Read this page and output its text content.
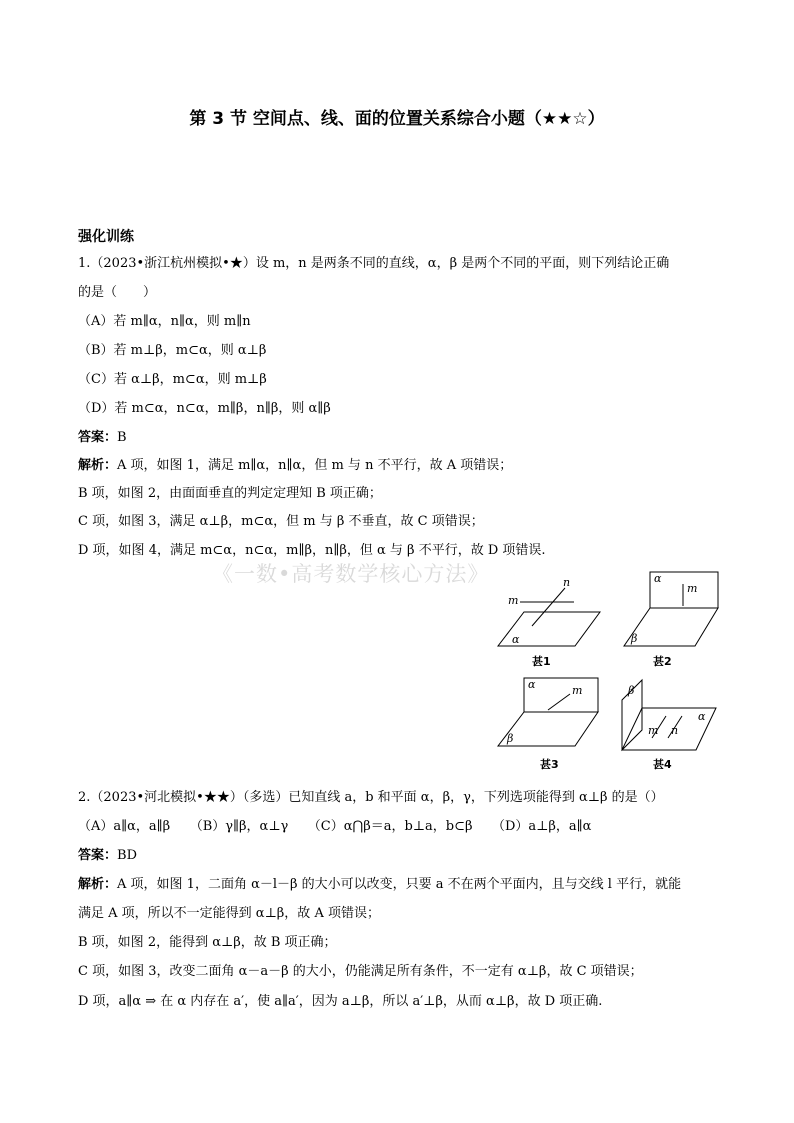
第 3 节 空间点、线、面的位置关系综合小题（★★☆）
强化训练
1.（2023•浙江杭州模拟•★）设 m，n 是两条不同的直线，α，β 是两个不同的平面，则下列结论正确
的是（　　）
（A）若 m∥α，n∥α，则 m∥n
（B）若 m⊥β，m⊂α，则 α⊥β
（C）若 α⊥β，m⊂α，则 m⊥β
（D）若 m⊂α，n⊂α，m∥β，n∥β，则 α∥β
答案：B
解析：A 项，如图 1，满足 m∥α，n∥α，但 m 与 n 不平行，故 A 项错误；
B 项，如图 2，由面面垂直的判定定理知 B 项正确；
C 项，如图 3，满足 α⊥β，m⊂α，但 m 与 β 不垂直，故 C 项错误；
D 项，如图 4，满足 m⊂α，n⊂α，m∥β，n∥β，但 α 与 β 不平行，故 D 项错误.
《一数•高考数学核心方法》
m
n
α
甚1
m
α
β
甚2
m
α
β
甚3
m n
α
β
甚4
2.（2023•河北模拟•★★）（多选）已知直线 a，b 和平面 α，β，γ，下列选项能得到 α⊥β 的是（）
（A）a∥α，a∥β　　（B）γ∥β，α⊥γ　　（C）α⋂β＝a，b⊥a，b⊂β　　（D）a⊥β，a∥α
答案：BD
解析：A 项，如图 1，二面角 α－l－β 的大小可以改变，只要 a 不在两个平面内，且与交线 l 平行，就能
满足 A 项，所以不一定能得到 α⊥β，故 A 项错误；
B 项，如图 2，能得到 α⊥β，故 B 项正确；
C 项，如图 3，改变二面角 α－a－β 的大小，仍能满足所有条件，不一定有 α⊥β，故 C 项错误；
D 项，a∥α ⇒ 在 α 内存在 a′，使 a∥a′，因为 a⊥β，所以 a′⊥β，从而 α⊥β，故 D 项正确.
